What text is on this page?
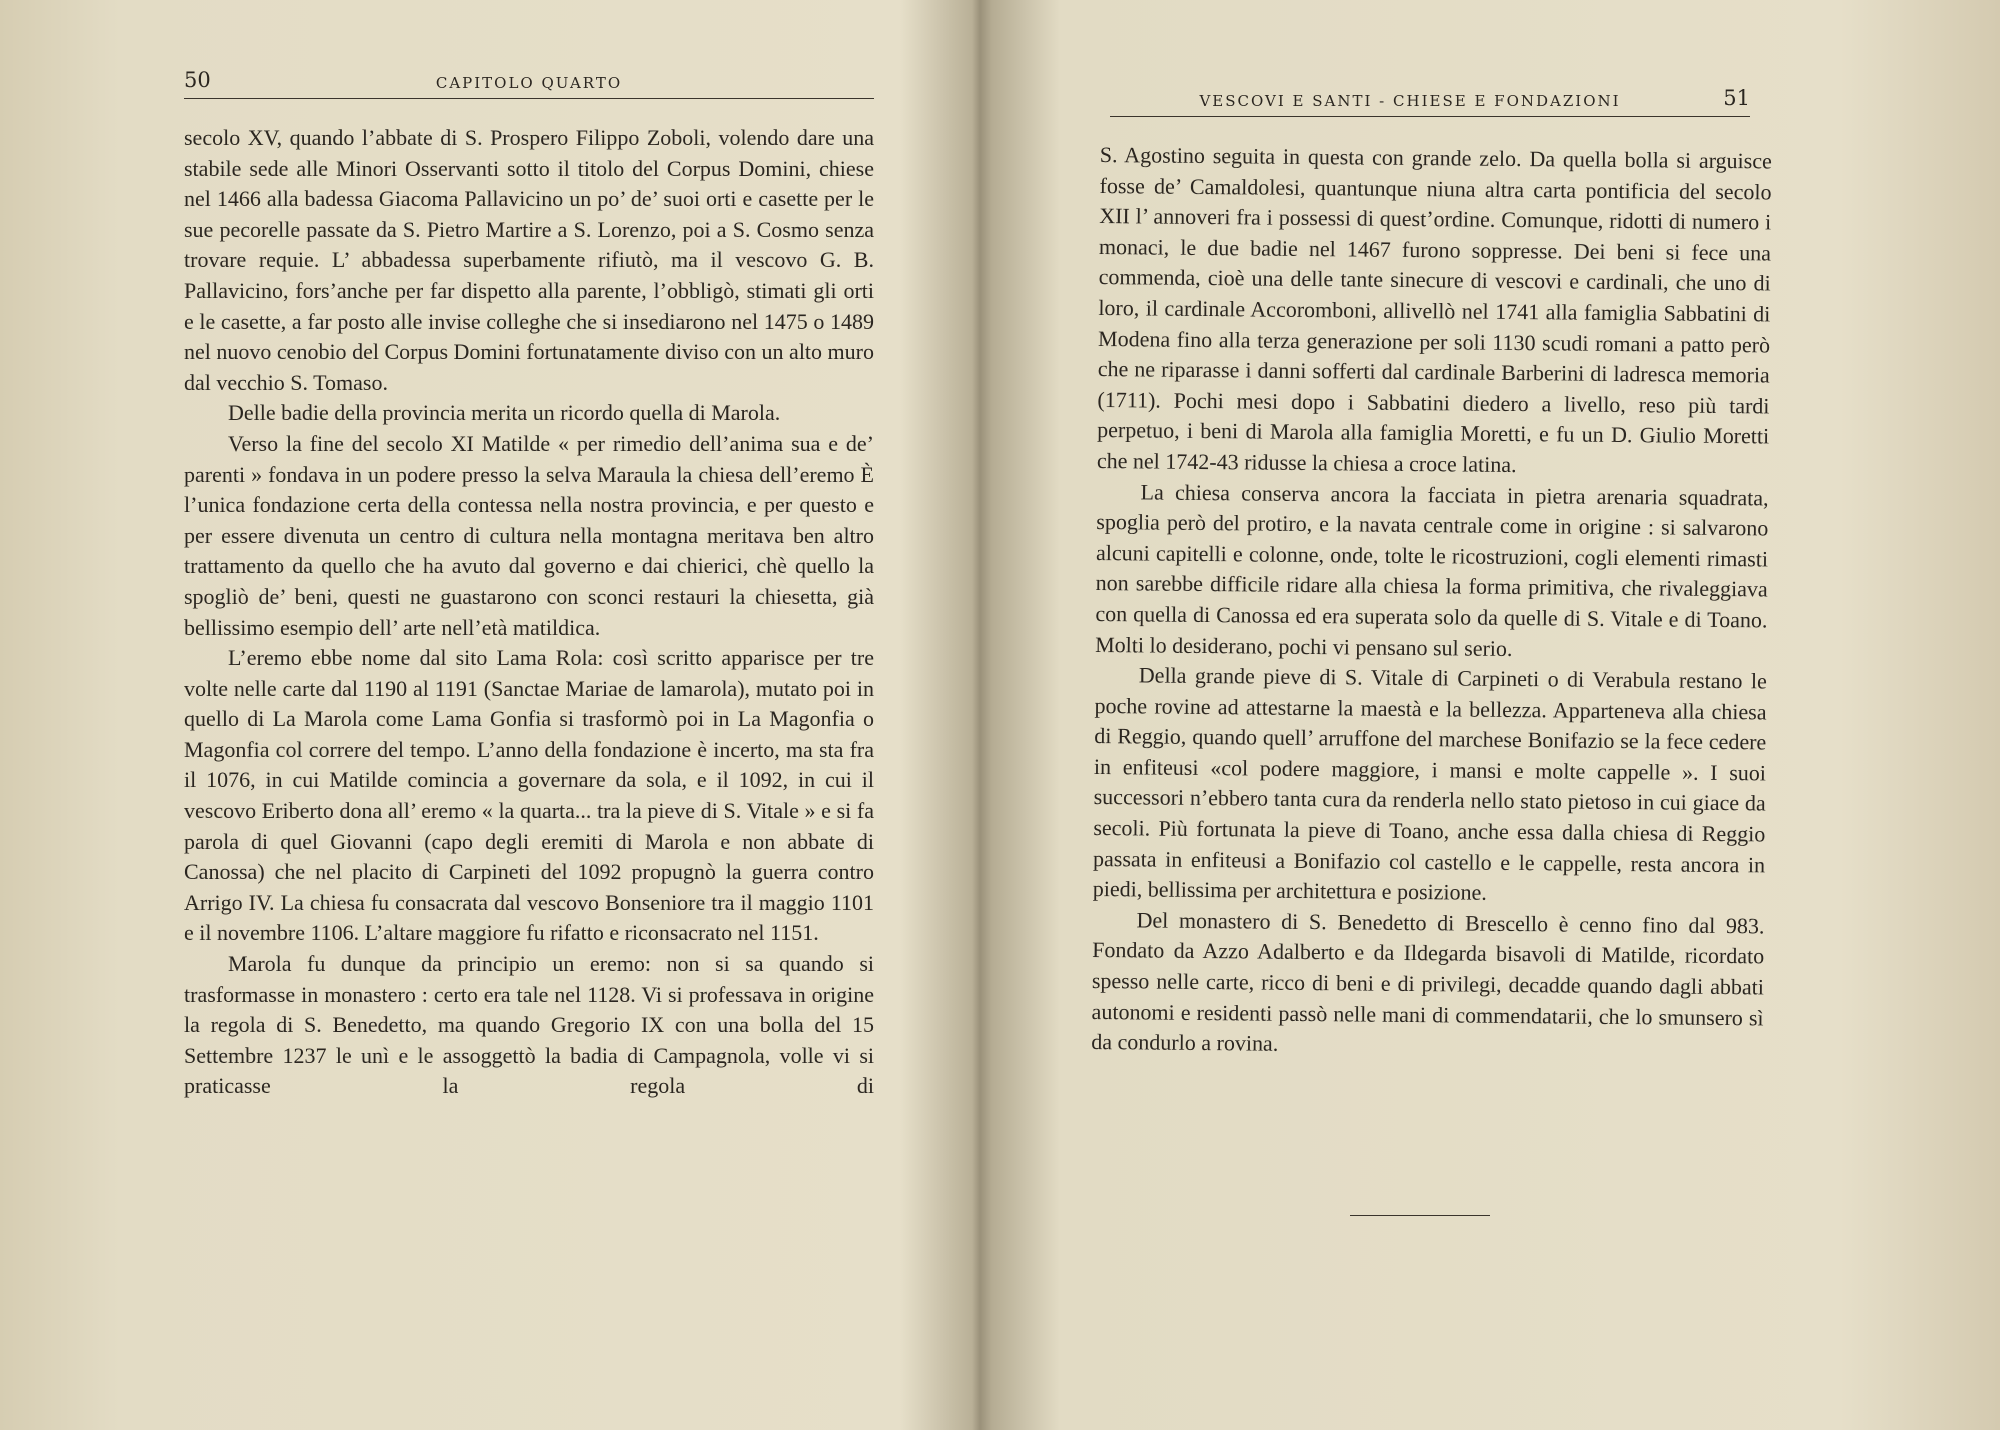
50	CAPITOLO QUARTO

secolo XV, quando l’abbate di S. Prospero Filippo Zoboli, volendo dare una stabile sede alle Minori Osservanti sotto il titolo del Corpus Domini, chiese nel 1466 alla badessa Giacoma Pallavicino un po’ de’ suoi orti e casette per le sue pecorelle passate da S. Pietro Martire a S. Lorenzo, poi a S. Cosmo senza trovare requie. L’ abbadessa superbamente rifiutò, ma il vescovo G. B. Pallavicino, fors’anche per far dispetto alla parente, l’obbligò, stimati gli orti e le casette, a far posto alle invise colleghe che si insediarono nel 1475 o 1489 nel nuovo cenobio del Corpus Domini fortunatamente diviso con un alto muro dal vecchio S. Tomaso.

Delle badie della provincia merita un ricordo quella di Marola.

Verso la fine del secolo XI Matilde « per rimedio dell’anima sua e de’ parenti » fondava in un podere presso la selva Maraula la chiesa dell’eremo È l’unica fondazione certa della contessa nella nostra provincia, e per questo e per essere divenuta un centro di cultura nella montagna meritava ben altro trattamento da quello che ha avuto dal governo e dai chierici, chè quello la spogliò de’ beni, questi ne guastarono con sconci restauri la chiesetta, già bellissimo esempio dell’ arte nell’età matildica.

L’eremo ebbe nome dal sito Lama Rola: così scritto apparisce per tre volte nelle carte dal 1190 al 1191 (Sanctae Mariae de lamarola), mutato poi in quello di La Marola come Lama Gonfia si trasformò poi in La Magonfia o Magonfia col correre del tempo. L’anno della fondazione è incerto, ma sta fra il 1076, in cui Matilde comincia a governare da sola, e il 1092, in cui il vescovo Eriberto dona all’ eremo « la quarta... tra la pieve di S. Vitale » e si fa parola di quel Giovanni (capo degli eremiti di Marola e non abbate di Canossa) che nel placito di Carpineti del 1092 propugnò la guerra contro Arrigo IV. La chiesa fu consacrata dal vescovo Bonseniore tra il maggio 1101 e il novembre 1106. L’altare maggiore fu rifatto e riconsacrato nel 1151.

Marola fu dunque da principio un eremo: non si sa quando si trasformasse in monastero : certo era tale nel 1128. Vi si professava in origine la regola di S. Benedetto, ma quando Gregorio IX con una bolla del 15 Settembre 1237 le unì e le assoggettò la badia di Campagnola, volle vi si praticasse la regola di

VESCOVI E SANTI - CHIESE E FONDAZIONI	51

S. Agostino seguita in questa con grande zelo. Da quella bolla si arguisce fosse de’ Camaldolesi, quantunque niuna altra carta pontificia del secolo XII l’ annoveri fra i possessi di quest’ordine. Comunque, ridotti di numero i monaci, le due badie nel 1467 furono soppresse. Dei beni si fece una commenda, cioè una delle tante sinecure di vescovi e cardinali, che uno di loro, il cardinale Accoromboni, allivellò nel 1741 alla famiglia Sabbatini di Modena fino alla terza generazione per soli 1130 scudi romani a patto però che ne riparasse i danni sofferti dal cardinale Barberini di ladresca memoria (1711). Pochi mesi dopo i Sabbatini diedero a livello, reso più tardi perpetuo, i beni di Marola alla famiglia Moretti, e fu un D. Giulio Moretti che nel 1742-43 ridusse la chiesa a croce latina.

La chiesa conserva ancora la facciata in pietra arenaria squadrata, spoglia però del protiro, e la navata centrale come in origine : si salvarono alcuni capitelli e colonne, onde, tolte le ricostruzioni, cogli elementi rimasti non sarebbe difficile ridare alla chiesa la forma primitiva, che rivaleggiava con quella di Canossa ed era superata solo da quelle di S. Vitale e di Toano. Molti lo desiderano, pochi vi pensano sul serio.

Della grande pieve di S. Vitale di Carpineti o di Verabula restano le poche rovine ad attestarne la maestà e la bellezza. Apparteneva alla chiesa di Reggio, quando quell’ arruffone del marchese Bonifazio se la fece cedere in enfiteusi «col podere maggiore, i mansi e molte cappelle ». I suoi successori n’ebbero tanta cura da renderla nello stato pietoso in cui giace da secoli. Più fortunata la pieve di Toano, anche essa dalla chiesa di Reggio passata in enfiteusi a Bonifazio col castello e le cappelle, resta ancora in piedi, bellissima per architettura e posizione.

Del monastero di S. Benedetto di Brescello è cenno fino dal 983. Fondato da Azzo Adalberto e da Ildegarda bisavoli di Matilde, ricordato spesso nelle carte, ricco di beni e di privilegi, decadde quando dagli abbati autonomi e residenti passò nelle mani di commendatarii, che lo smunsero sì da condurlo a rovina.
